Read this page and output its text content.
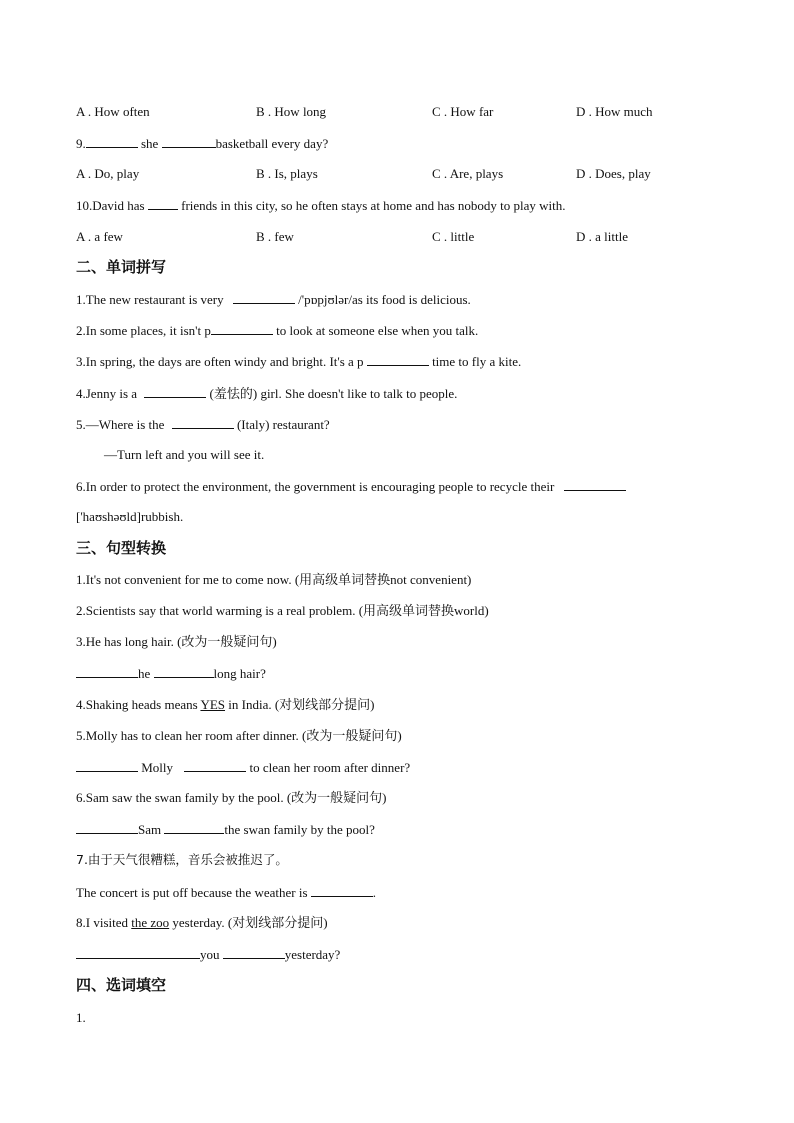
A . How often	B . How long	C . How far	D . How much
9.	she	basketball every day?
A . Do, play	B . Is, plays	C . Are, plays	D . Does, play
10.David has  friends in this city, so he often stays at home and has nobody to play with.
A . a few	B . few	C . little	D . a little
二、单词拼写
1.The new restaurant is very	/'pɒpjʊlər/as its food is delicious.
2.In some places, it isn't p	to look at someone else when you talk.
3.In spring, the days are often windy and bright. It's a p	time to fly a kite.
4.Jenny is a	(羞怯的) girl. She doesn't like to talk to people.
5.—Where is the	(Italy) restaurant?
—Turn left and you will see it.
6.In order to protect the environment, the government is encouraging people to recycle their
['haʊshəʊld]rubbish.
三、句型转换
1.It's not convenient for me to come now. (用高级单词替换not convenient)
2.Scientists say that world warming is a real problem. (用高级单词替换world)
3.He has long hair. (改为一般疑问句)
he	long hair?
4.Shaking heads means YES in India. (对划线部分提问)
5.Molly has to clean her room after dinner. (改为一般疑问句)
Molly	to clean her room after dinner?
6.Sam saw the swan family by the pool. (改为一般疑问句)
Sam	the swan family by the pool?
7.由于天气很糟糕，音乐会被推迟了。
The concert is put off because the weather is	.
8.I visited the zoo yesterday. (对划线部分提问)
you	yesterday?
四、选词填空
1.
